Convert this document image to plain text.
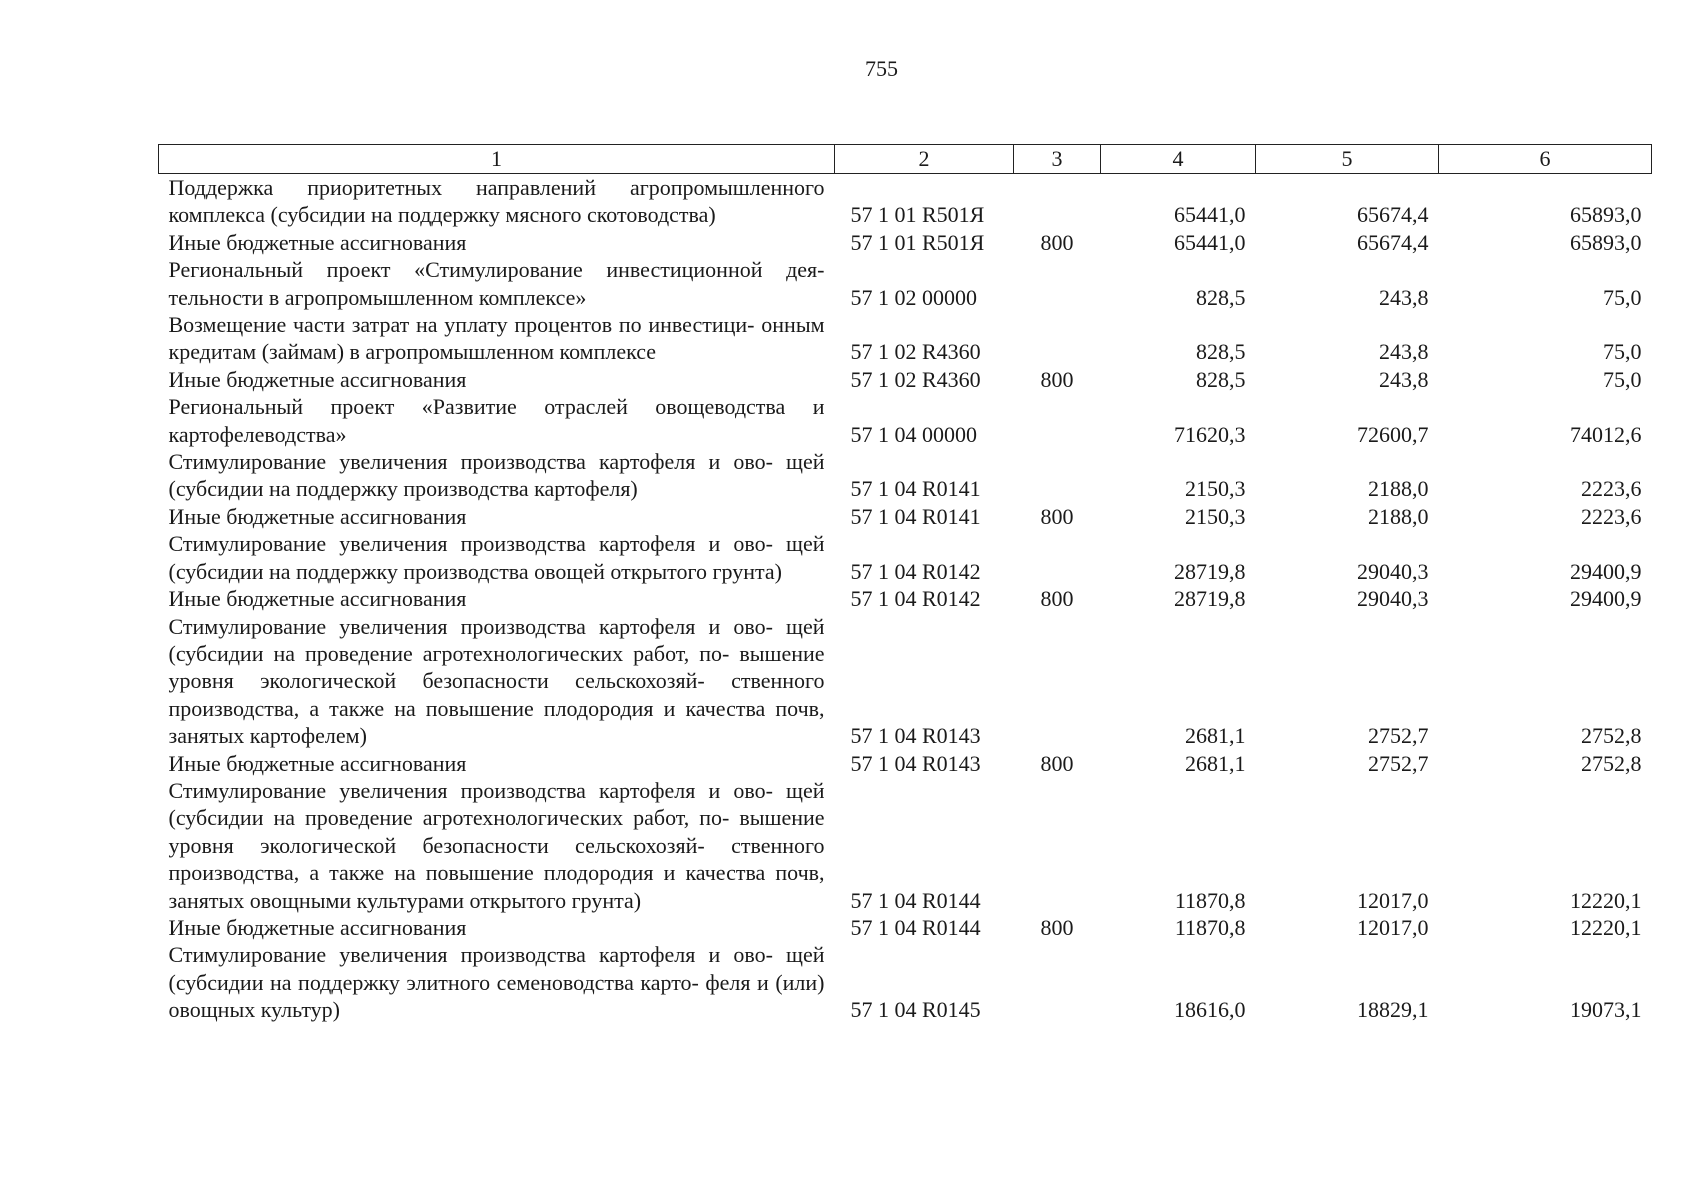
755
1	2	3	4	5	6
Поддержка приоритетных направлений агропромышленного комплекса (субсидии на поддержку мясного скотоводства)	57 1 01 R501Я		65441,0	65674,4	65893,0
Иные бюджетные ассигнования	57 1 01 R501Я	800	65441,0	65674,4	65893,0
Региональный проект «Стимулирование инвестиционной дея- тельности в агропромышленном комплексе»	57 1 02 00000		828,5	243,8	75,0
Возмещение части затрат на уплату процентов по инвестици- онным кредитам (займам) в агропромышленном комплексе	57 1 02 R4360		828,5	243,8	75,0
Иные бюджетные ассигнования	57 1 02 R4360	800	828,5	243,8	75,0
Региональный проект «Развитие отраслей овощеводства и картофелеводства»	57 1 04 00000		71620,3	72600,7	74012,6
Стимулирование увеличения производства картофеля и ово- щей (субсидии на поддержку производства картофеля)	57 1 04 R0141		2150,3	2188,0	2223,6
Иные бюджетные ассигнования	57 1 04 R0141	800	2150,3	2188,0	2223,6
Стимулирование увеличения производства картофеля и ово- щей (субсидии на поддержку производства овощей открытого грунта)	57 1 04 R0142		28719,8	29040,3	29400,9
Иные бюджетные ассигнования	57 1 04 R0142	800	28719,8	29040,3	29400,9
Стимулирование увеличения производства картофеля и ово- щей (субсидии на проведение агротехнологических работ, по- вышение уровня экологической безопасности сельскохозяй- ственного производства, а также на повышение плодородия и качества почв, занятых картофелем)	57 1 04 R0143		2681,1	2752,7	2752,8
Иные бюджетные ассигнования	57 1 04 R0143	800	2681,1	2752,7	2752,8
Стимулирование увеличения производства картофеля и ово- щей (субсидии на проведение агротехнологических работ, по- вышение уровня экологической безопасности сельскохозяй- ственного производства, а также на повышение плодородия и качества почв, занятых овощными культурами открытого грунта)	57 1 04 R0144		11870,8	12017,0	12220,1
Иные бюджетные ассигнования	57 1 04 R0144	800	11870,8	12017,0	12220,1
Стимулирование увеличения производства картофеля и ово- щей (субсидии на поддержку элитного семеноводства карто- феля и (или) овощных культур)	57 1 04 R0145		18616,0	18829,1	19073,1
